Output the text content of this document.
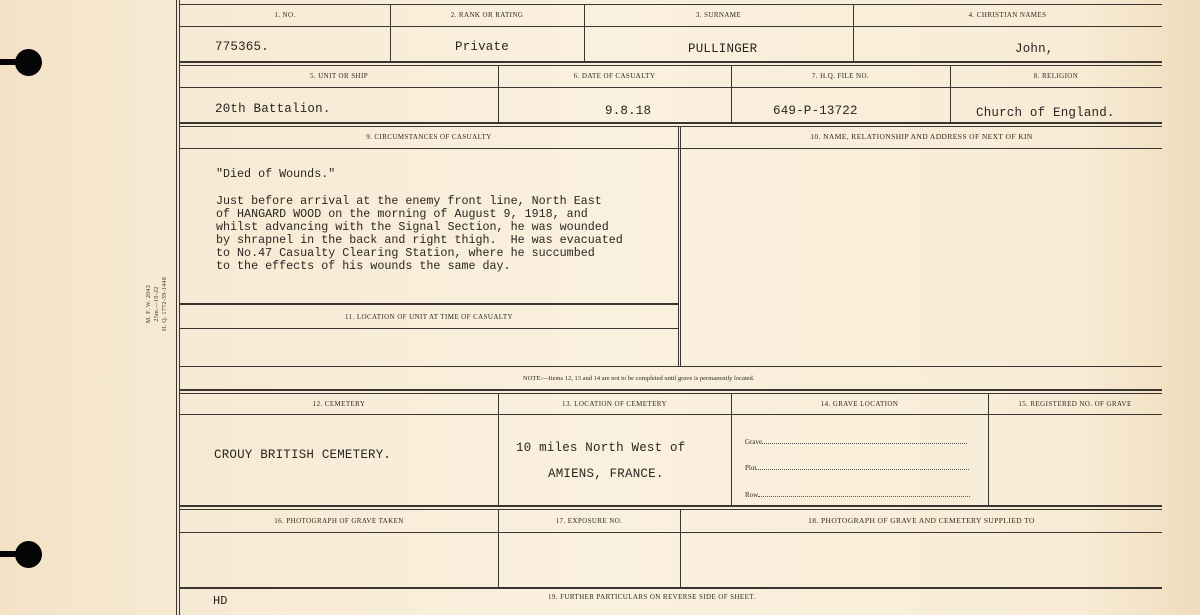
M. F. W. 2043 25m.—10-22 H. Q. 1772-39-1448
1. NO.	2. RANK OR RATING	3. SURNAME	4. CHRISTIAN NAMES
775365.	Private	PULLINGER	John,
5. UNIT OR SHIP	6. DATE OF CASUALTY	7. H.Q. FILE NO.	8. RELIGION
20th Battalion.	9.8.18	649-P-13722	Church of England.
9. CIRCUMSTANCES OF CASUALTY	10. NAME, RELATIONSHIP AND ADDRESS OF NEXT OF KIN
"Died of Wounds."
Just before arrival at the enemy front line, North East
of HANGARD WOOD on the morning of August 9, 1918, and
whilst advancing with the Signal Section, he was wounded
by shrapnel in the back and right thigh.  He was evacuated
to No.47 Casualty Clearing Station, where he succumbed
to the effects of his wounds the same day.
11. LOCATION OF UNIT AT TIME OF CASUALTY
NOTE:—Items 12, 13 and 14 are not to be completed until grave is permanently located.
12. CEMETERY	13. LOCATION OF CEMETERY	14. GRAVE LOCATION	15. REGISTERED NO. OF GRAVE
CROUY BRITISH CEMETERY.	10 miles North West of
AMIENS, FRANCE.
Grave
Plot
Row
16. PHOTOGRAPH OF GRAVE TAKEN	17. EXPOSURE NO.	18. PHOTOGRAPH OF GRAVE AND CEMETERY SUPPLIED TO
HD	19. FURTHER PARTICULARS ON REVERSE SIDE OF SHEET.
